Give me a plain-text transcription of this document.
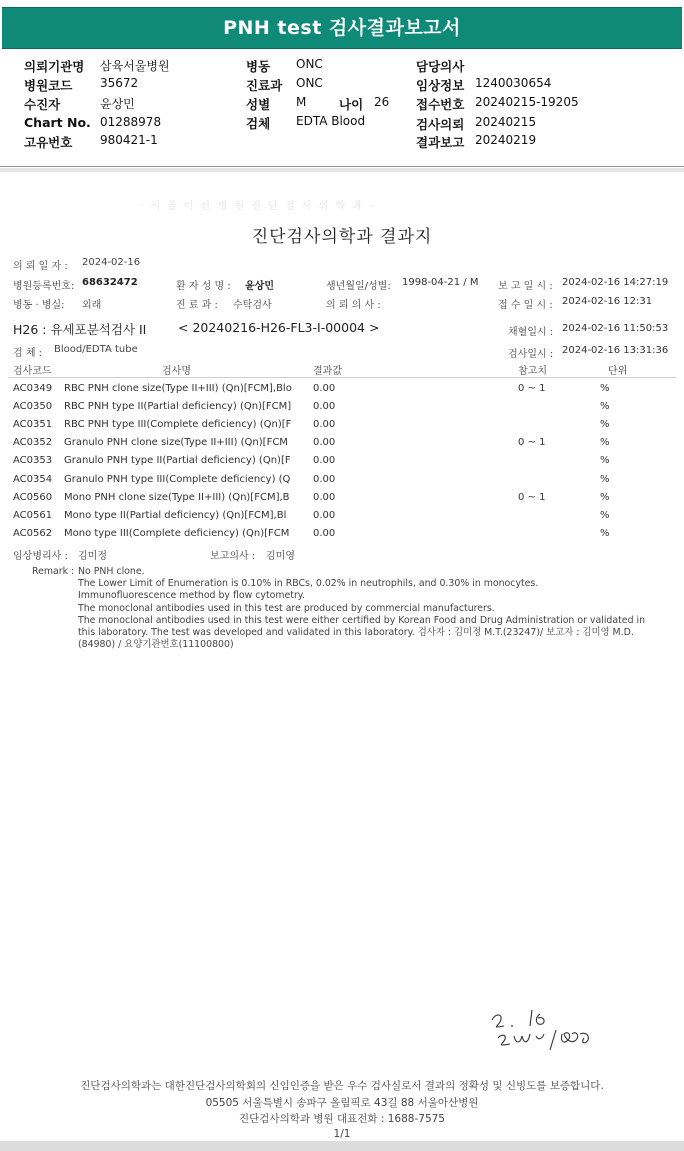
PNH test 검사결과보고서
의뢰기관명 삼육서울병원	병동 ONC	담당의사
병원코드 35672	진료과 ONC	임상정보 1240030654
수진자	윤상민	성별 M	나이 26 접수번호 20240215-19205
Chart No. 01288978	검체 EDTA Blood	검사의뢰 20240215
고유번호 980421-1	결과보고 20240219
· 서 울 이 산 병 원 진 단 검 사 의 학 과 ·
진단검사의학과 결과지
의 뢰 일 자 : 2024-02-16
병원등록번호: 68632472	환 자 성 명 : 윤상민	생년월일/성별: 1998-04-21 / M 보 고 일 시 : 2024-02-16 14:27:19
병동 · 병실: 외래	진 료 과 : 수탁검사	의 뢰 의 사 :	접 수 일 시 : 2024-02-16 12:31
H26 : 유세포분석검사 II	< 20240216-H26-FL3-I-00004 >	채혈일시 : 2024-02-16 11:50:53
검 체 : Blood/EDTA tube	검사일시 : 2024-02-16 13:31:36
검사코드	검사명	결과값	참고치	단위
AC0349 RBC PNH clone size(Type II+III) (Qn)[FCM],Blo 0.00	0 ~ 1	%
AC0350 RBC PNH type II(Partial deficiency) (Qn)[FCM] 0.00	%
AC0351 RBC PNH type III(Complete deficiency) (Qn)[F 0.00	%
AC0352 Granulo PNH clone size(Type II+III) (Qn)[FCM	0.00	0 ~ 1	%
AC0353 Granulo PNH type II(Partial deficiency) (Qn)[F 0.00	%
AC0354 Granulo PNH type III(Complete deficiency) (Q 0.00	%
AC0560 Mono PNH clone size(Type II+III) (Qn)[FCM],B 0.00	0 ~ 1	%
AC0561 Mono type II(Partial deficiency) (Qn)[FCM],Bl	0.00	%
AC0562 Mono type III(Complete deficiency) (Qn)[FCM 0.00	%
임상병리사 : 김미정	보고의사 : 김미영
Remark : No PNH clone.
The Lower Limit of Enumeration is 0.10% in RBCs, 0.02% in neutrophils, and 0.30% in monocytes.
Immunofluorescence method by flow cytometry.
The monoclonal antibodies used in this test are produced by commercial manufacturers.
The monoclonal antibodies used in this test were either certified by Korean Food and Drug Administration or validated in
this laboratory. The test was developed and validated in this laboratory. 검사자 : 김미정 M.T.(23247)/ 보고자 : 김미영 M.D.
(84980) / 요양기관번호(11100800)
진단검사의학과는 대한진단검사의학회의 신임인증을 받은 우수 검사실로서 결과의 정확성 및 신빙도를 보증합니다.
05505 서울특별시 송파구 올림픽로 43길 88 서울아산병원
진단검사의학과 병원 대표전화 : 1688-7575
1/1
